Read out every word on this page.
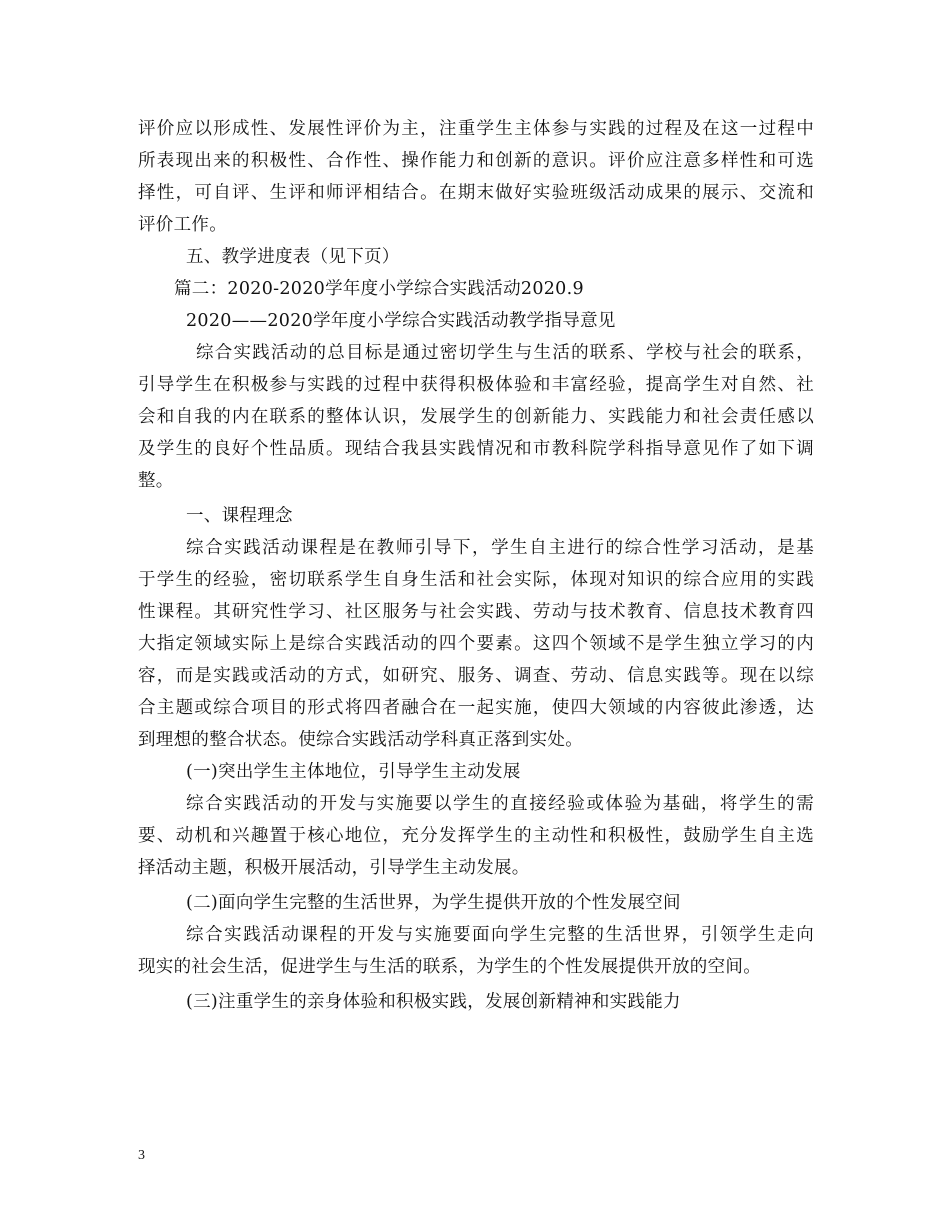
评价应以形成性、发展性评价为主，注重学生主体参与实践的过程及在这一过程中
所表现出来的积极性、合作性、操作能力和创新的意识。评价应注意多样性和可选
择性，可自评、生评和师评相结合。在期末做好实验班级活动成果的展示、交流和
评价工作。
五、教学进度表（见下页）
篇二：2020-2020学年度小学综合实践活动2020.9
2020——2020学年度小学综合实践活动教学指导意见
综合实践活动的总目标是通过密切学生与生活的联系、学校与社会的联系，
引导学生在积极参与实践的过程中获得积极体验和丰富经验，提高学生对自然、社
会和自我的内在联系的整体认识，发展学生的创新能力、实践能力和社会责任感以
及学生的良好个性品质。现结合我县实践情况和市教科院学科指导意见作了如下调
整。
一、课程理念
综合实践活动课程是在教师引导下，学生自主进行的综合性学习活动，是基
于学生的经验，密切联系学生自身生活和社会实际，体现对知识的综合应用的实践
性课程。其研究性学习、社区服务与社会实践、劳动与技术教育、信息技术教育四
大指定领域实际上是综合实践活动的四个要素。这四个领域不是学生独立学习的内
容，而是实践或活动的方式，如研究、服务、调查、劳动、信息实践等。现在以综
合主题或综合项目的形式将四者融合在一起实施，使四大领域的内容彼此渗透，达
到理想的整合状态。使综合实践活动学科真正落到实处。
(一)突出学生主体地位，引导学生主动发展
综合实践活动的开发与实施要以学生的直接经验或体验为基础，将学生的需
要、动机和兴趣置于核心地位，充分发挥学生的主动性和积极性，鼓励学生自主选
择活动主题，积极开展活动，引导学生主动发展。
(二)面向学生完整的生活世界，为学生提供开放的个性发展空间
综合实践活动课程的开发与实施要面向学生完整的生活世界，引领学生走向
现实的社会生活，促进学生与生活的联系，为学生的个性发展提供开放的空间。
(三)注重学生的亲身体验和积极实践，发展创新精神和实践能力
3
